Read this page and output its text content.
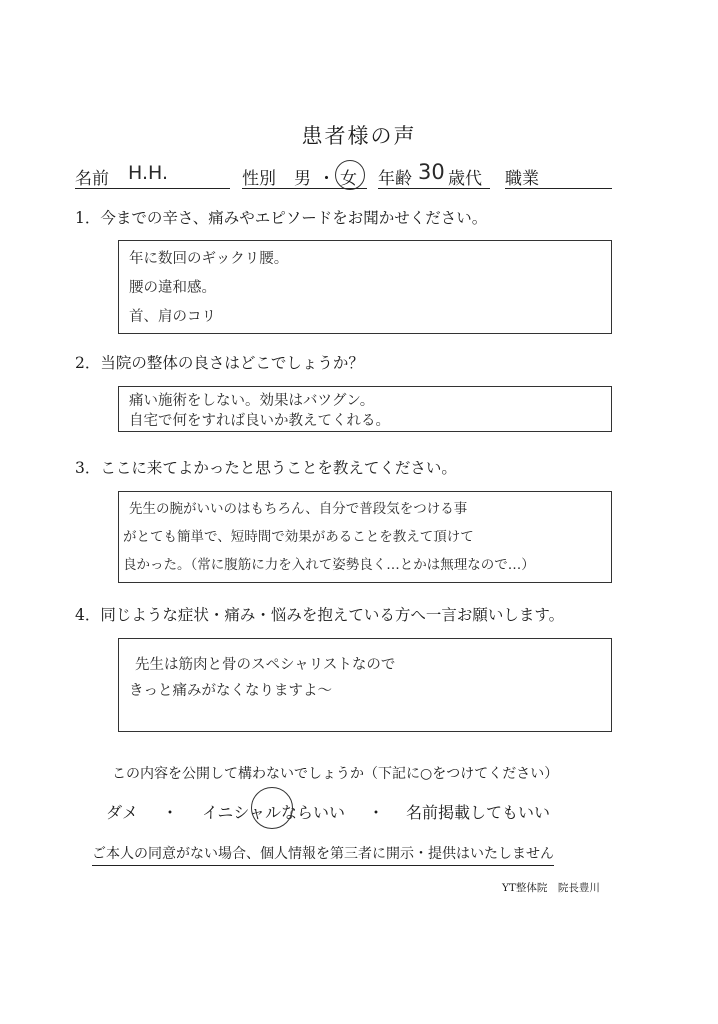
患者様の声
名前 H.H.	性別 男 ・ 女 年齢 30 歳代 職業
1．今までの辛さ、痛みやエピソードをお聞かせください。
年に数回のギックリ腰。
腰の違和感。
首、肩のコリ
2．当院の整体の良さはどこでしょうか？
痛い施術をしない。効果はバツグン。
自宅で何をすれば良いか教えてくれる。
3．ここに来てよかったと思うことを教えてください。
先生の腕がいいのはもちろん、自分で普段気をつける事
がとても簡単で、短時間で効果があることを教えて頂けて
良かった。（常に腹筋に力を入れて姿勢良く…とかは無理なので…）
4．同じような症状・痛み・悩みを抱えている方へ一言お願いします。
先生は筋肉と骨のスペシャリストなので
きっと痛みがなくなりますよ～
この内容を公開して構わないでしょうか（下記に○をつけてください）
ダメ ・ イニシャルならいい ・ 名前掲載してもいい
ご本人の同意がない場合、個人情報を第三者に開示・提供はいたしません
YT整体院　院長豊川
